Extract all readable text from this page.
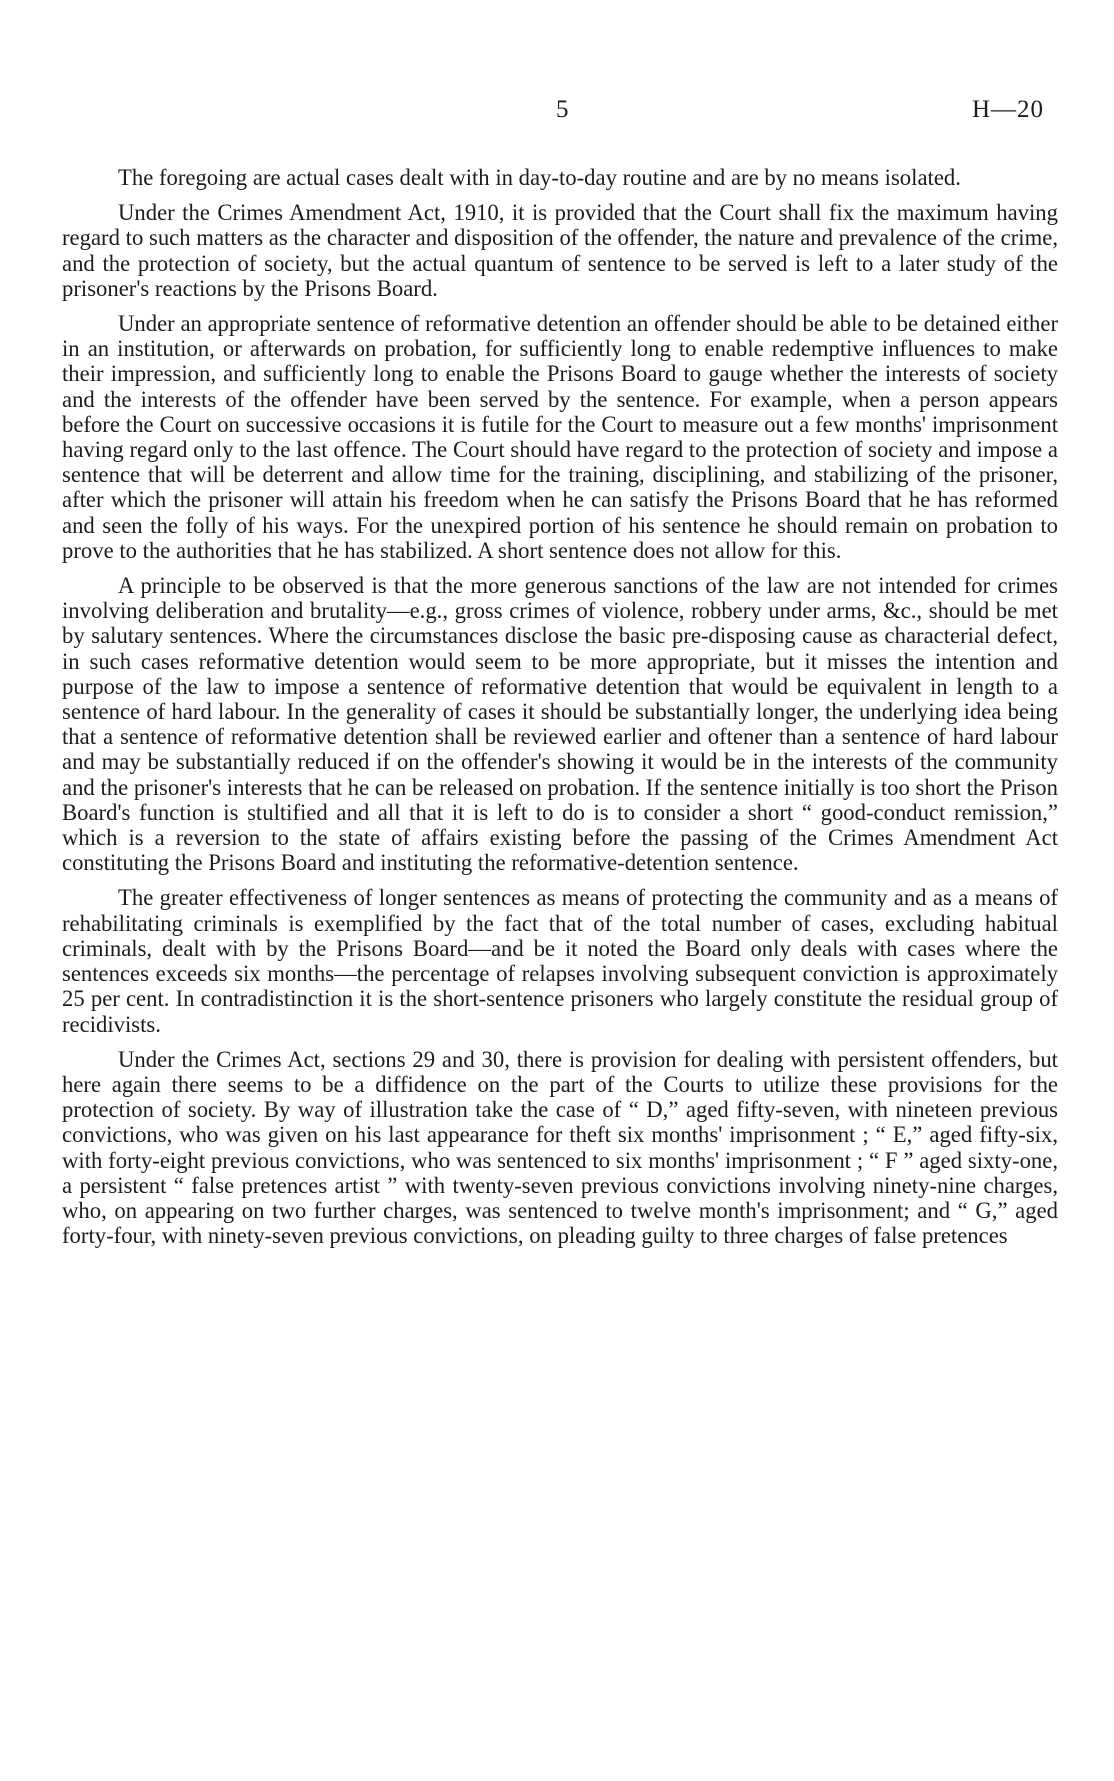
5	H—20

The foregoing are actual cases dealt with in day-to-day routine and are by no means isolated.

Under the Crimes Amendment Act, 1910, it is provided that the Court shall fix the maximum having regard to such matters as the character and disposition of the offender, the nature and prevalence of the crime, and the protection of society, but the actual quantum of sentence to be served is left to a later study of the prisoner's reactions by the Prisons Board.

Under an appropriate sentence of reformative detention an offender should be able to be detained either in an institution, or afterwards on probation, for sufficiently long to enable redemptive influences to make their impression, and sufficiently long to enable the Prisons Board to gauge whether the interests of society and the interests of the offender have been served by the sentence. For example, when a person appears before the Court on successive occasions it is futile for the Court to measure out a few months' imprisonment having regard only to the last offence. The Court should have regard to the protection of society and impose a sentence that will be deterrent and allow time for the training, disciplining, and stabilizing of the prisoner, after which the prisoner will attain his freedom when he can satisfy the Prisons Board that he has reformed and seen the folly of his ways. For the unexpired portion of his sentence he should remain on probation to prove to the authorities that he has stabilized. A short sentence does not allow for this.

A principle to be observed is that the more generous sanctions of the law are not intended for crimes involving deliberation and brutality—e.g., gross crimes of violence, robbery under arms, &c., should be met by salutary sentences. Where the circumstances disclose the basic pre-disposing cause as characterial defect, in such cases reformative detention would seem to be more appropriate, but it misses the intention and purpose of the law to impose a sentence of reformative detention that would be equivalent in length to a sentence of hard labour. In the generality of cases it should be substantially longer, the underlying idea being that a sentence of reformative detention shall be reviewed earlier and oftener than a sentence of hard labour and may be substantially reduced if on the offender's showing it would be in the interests of the community and the prisoner's interests that he can be released on probation. If the sentence initially is too short the Prison Board's function is stultified and all that it is left to do is to consider a short “ good-conduct remission,” which is a reversion to the state of affairs existing before the passing of the Crimes Amendment Act constituting the Prisons Board and instituting the reformative-detention sentence.

The greater effectiveness of longer sentences as means of protecting the community and as a means of rehabilitating criminals is exemplified by the fact that of the total number of cases, excluding habitual criminals, dealt with by the Prisons Board—and be it noted the Board only deals with cases where the sentences exceeds six months—the percentage of relapses involving subsequent conviction is approximately 25 per cent. In contradistinction it is the short-sentence prisoners who largely constitute the residual group of recidivists.

Under the Crimes Act, sections 29 and 30, there is provision for dealing with persistent offenders, but here again there seems to be a diffidence on the part of the Courts to utilize these provisions for the protection of society. By way of illustration take the case of “ D,” aged fifty-seven, with nineteen previous convictions, who was given on his last appearance for theft six months' imprisonment ; “ E,” aged fifty-six, with forty-eight previous convictions, who was sentenced to six months' imprisonment ; “ F ” aged sixty-one, a persistent “ false pretences artist ” with twenty-seven previous convictions involving ninety-nine charges, who, on appearing on two further charges, was sentenced to twelve month's imprisonment; and “ G,” aged forty-four, with ninety-seven previous convictions, on pleading guilty to three charges of false pretences
